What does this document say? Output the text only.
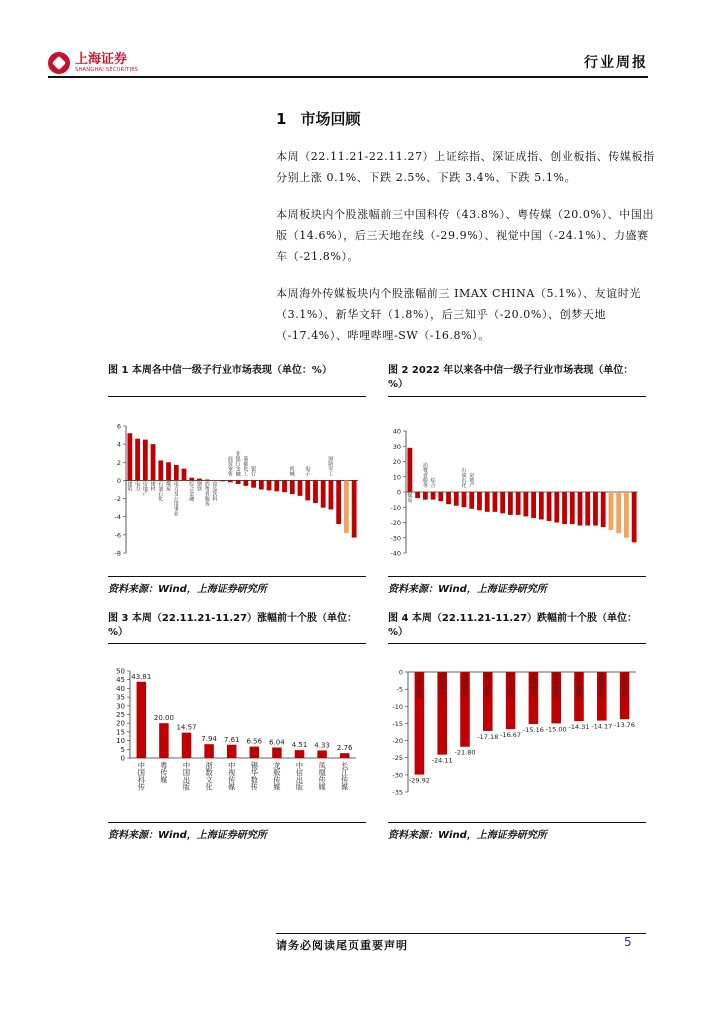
上海证券
SHANGHAI SECURITIES	行业周报
1 市场回顾
本周（22.11.21-22.11.27）上证综指、深证成指、创业板指、传媒板指分别上涨 0.1%、下跌 2.5%、下跌 3.4%、下跌 5.1%。
本周板块内个股涨幅前三中国科传（43.8%）、粤传媒（20.0%）、中国出版（14.6%），后三天地在线（-29.9%）、视觉中国（-24.1%）、力盛赛车（-21.8%）。
本周海外传媒板块内个股涨幅前三 IMAX CHINA（5.1%）、友谊时光（3.1%）、新华文轩（1.8%），后三知乎（-20.0%）、创梦天地（-17.4%）、哔哩哔哩-SW（-16.8%）。
图 1 本周各中信一级子行业市场表现（单位：%）	图 2 2022 年以来各中信一级子行业市场表现（单位：%）
-8
-6
-4
-2
0
2
4
6
建
筑
电
力
房
地
产
建
材
石
油
石
化
煤
炭
电
力
及
公
用
事
业
综
合
金
融
钢
铁
消
费
者
服
务
食
品
饮
料
商
贸
零
售
非
银
行
金
融
基
础
化
工
银
行
机
械
电
子
国
防
军
工
-40
-30
-20
-10
0
10
20
30
40
煤
炭
消
费
者
服
务
综
合
石
油
石
化
房
地
产
资料来源：Wind，上海证券研究所	资料来源：Wind，上海证券研究所
图 3 本周（22.11.21-11.27）涨幅前十个股（单位：%）
图 4 本周（22.11.21-11.27）跌幅前十个股（单位：%）
0
5
10
15
20
25
30
35
40
45
50
中
国
科
传
43.81
粤
传
媒
20.00
中
国
出
版
14.57
浙
数
文
化
7.94
中
视
传
媒
7.61
锡
华
数
传
6.56
龙
版
传
媒
6.04
中
信
出
版
4.51
凤
凰
传
媒
4.33
长
江
传
媒
2.76
-35
-30
-25
-20
-15
-10
-5
0 天
地
在
线
-29.92
视
觉
中
国
-24.11
力
盛
赛
车
-21.80
奥
飞
娱
乐
-17.18
中
文
在
线
-16.67
光
线
传
媒
-15.16
华
策
影
视
-15.00
芒
果
超
媒
-14.31
欢
瑞
世
纪
-14.17
完
美
世
界
-13.76
资料来源：Wind，上海证券研究所	资料来源：Wind，上海证券研究所
请务必阅读尾页重要声明	5
